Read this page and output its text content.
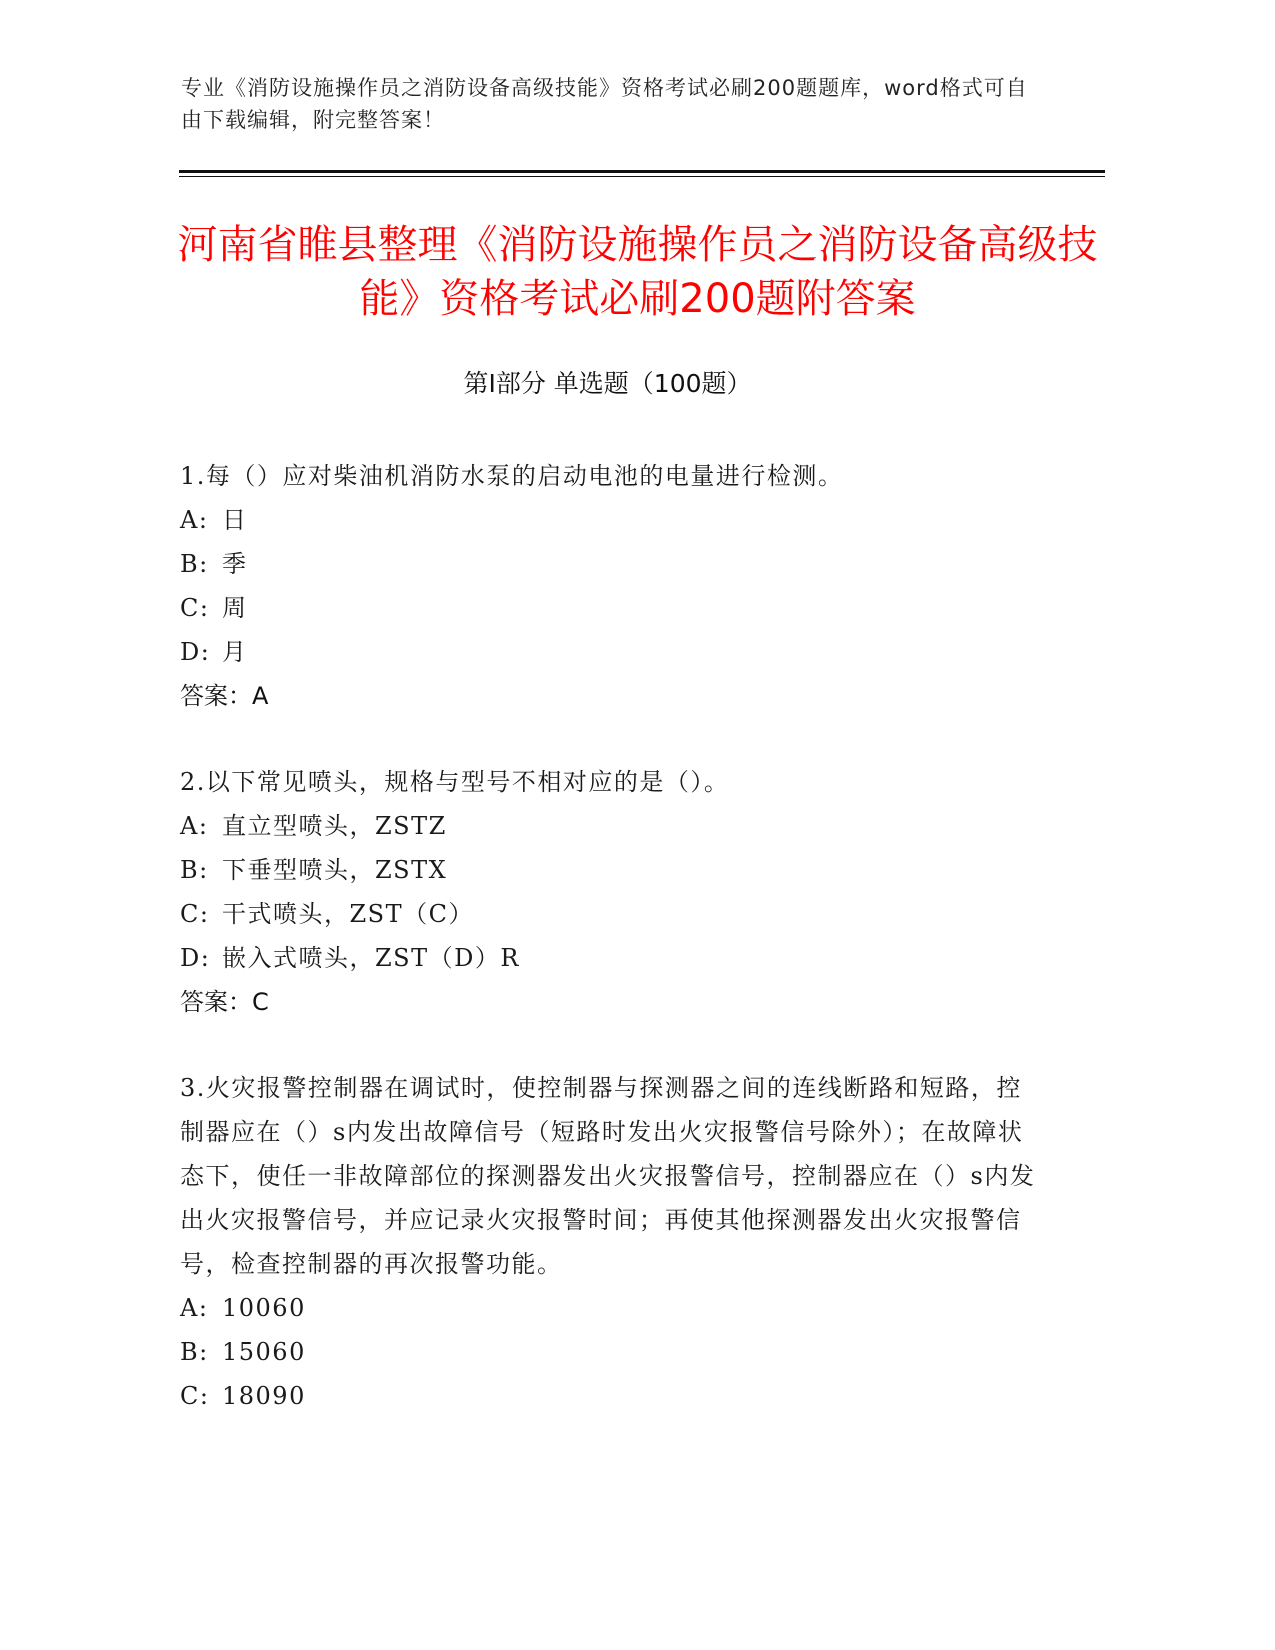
专业《消防设施操作员之消防设备高级技能》资格考试必刷200题题库，word格式可自由下载编辑，附完整答案！
河南省睢县整理《消防设施操作员之消防设备高级技能》资格考试必刷200题附答案
第Ⅰ部分 单选题（100题）
1.每（）应对柴油机消防水泵的启动电池的电量进行检测。
A: 日
B: 季
C: 周
D: 月
答案：A
2.以下常见喷头，规格与型号不相对应的是（）。
A: 直立型喷头，ZSTZ
B: 下垂型喷头，ZSTX
C: 干式喷头，ZST（C）
D: 嵌入式喷头，ZST（D）R
答案：C
3.火灾报警控制器在调试时，使控制器与探测器之间的连线断路和短路，控制器应在（）s内发出故障信号（短路时发出火灾报警信号除外）；在故障状态下，使任一非故障部位的探测器发出火灾报警信号，控制器应在（）s内发出火灾报警信号，并应记录火灾报警时间；再使其他探测器发出火灾报警信号，检查控制器的再次报警功能。
A: 10060
B: 15060
C: 18090
